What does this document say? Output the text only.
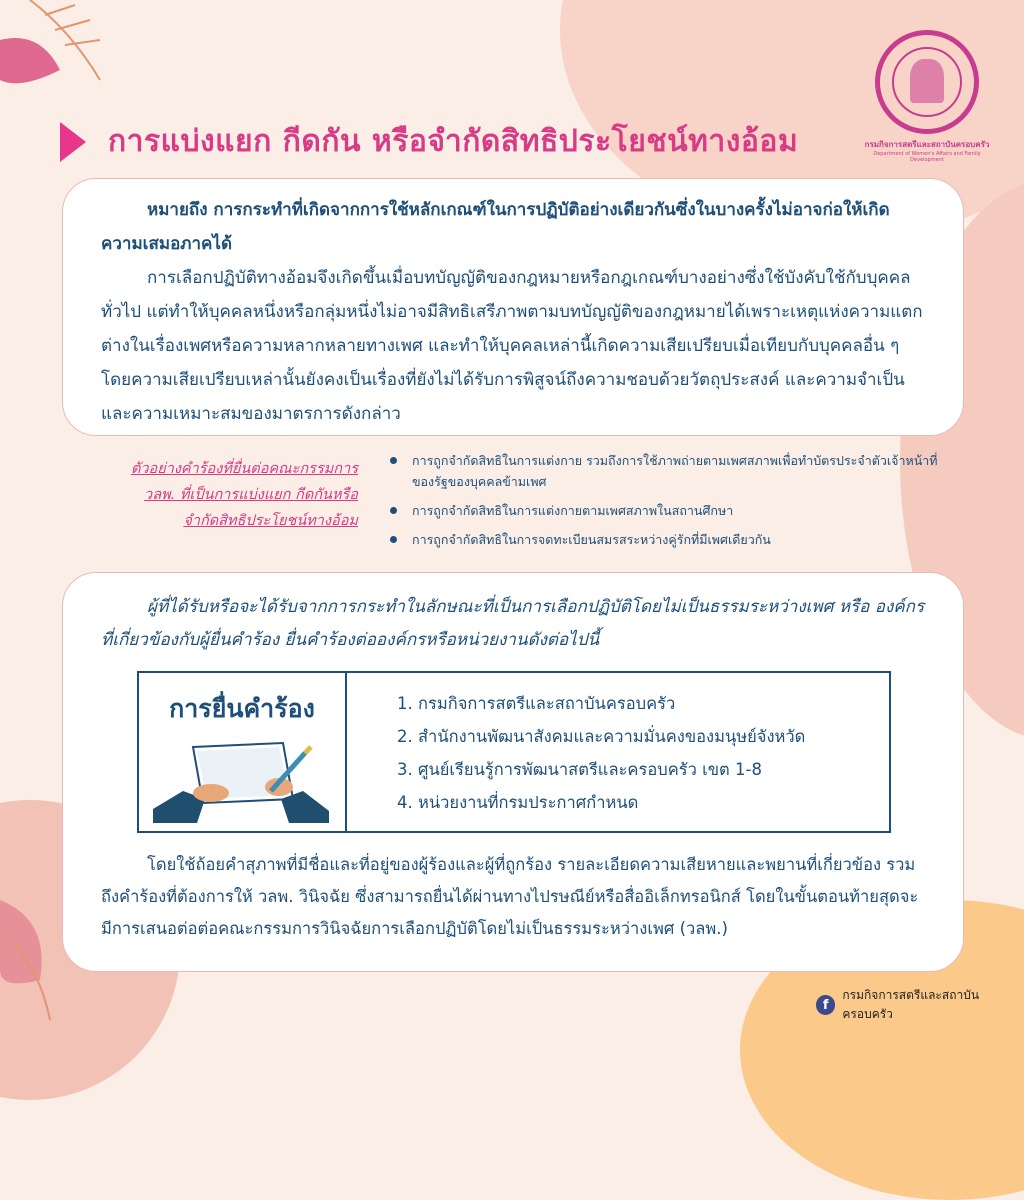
การแบ่งแยก กีดกัน หรือจำกัดสิทธิประโยชน์ทางอ้อม	กรมกิจการสตรีและสถาบันครอบครัว
Department of Women's Affairs and Family Development

หมายถึง การกระทำที่เกิดจากการใช้หลักเกณฑ์ในการปฏิบัติอย่างเดียวกันซึ่งในบางครั้งไม่อาจก่อให้เกิดความเสมอภาคได้

การเลือกปฏิบัติทางอ้อมจึงเกิดขึ้นเมื่อบทบัญญัติของกฎหมายหรือกฎเกณฑ์บางอย่างซึ่งใช้บังคับใช้กับบุคคลทั่วไป แต่ทำให้บุคคลหนึ่งหรือกลุ่มหนึ่งไม่อาจมีสิทธิเสรีภาพตามบทบัญญัติของกฎหมายได้เพราะเหตุแห่งความแตกต่างในเรื่องเพศหรือความหลากหลายทางเพศ และทำให้บุคคลเหล่านี้เกิดความเสียเปรียบเมื่อเทียบกับบุคคลอื่น ๆ โดยความเสียเปรียบเหล่านั้นยังคงเป็นเรื่องที่ยังไม่ได้รับการพิสูจน์ถึงความชอบด้วยวัตถุประสงค์ และความจำเป็นและความเหมาะสมของมาตรการดังกล่าว

ตัวอย่างคำร้องที่ยื่นต่อคณะกรรมการ
วลพ. ที่เป็นการแบ่งแยก กีดกันหรือ
จำกัดสิทธิประโยชน์ทางอ้อม
การถูกจำกัดสิทธิในการแต่งกาย รวมถึงการใช้ภาพถ่ายตามเพศสภาพเพื่อทำบัตรประจำตัวเจ้าหน้าที่ของรัฐของบุคคลข้ามเพศ
การถูกจำกัดสิทธิในการแต่งกายตามเพศสภาพในสถานศึกษา
การถูกจำกัดสิทธิในการจดทะเบียนสมรสระหว่างคู่รักที่มีเพศเดียวกัน

ผู้ที่ได้รับหรือจะได้รับจากการกระทำในลักษณะที่เป็นการเลือกปฏิบัติโดยไม่เป็นธรรมระหว่างเพศ หรือ องค์กรที่เกี่ยวข้องกับผู้ยื่นคำร้อง ยื่นคำร้องต่อองค์กรหรือหน่วยงานดังต่อไปนี้

การยื่นคำร้อง	1. กรมกิจการสตรีและสถาบันครอบครัว
2. สำนักงานพัฒนาสังคมและความมั่นคงของมนุษย์จังหวัด
3. ศูนย์เรียนรู้การพัฒนาสตรีและครอบครัว เขต 1-8
4. หน่วยงานที่กรมประกาศกำหนด

โดยใช้ถ้อยคำสุภาพที่มีชื่อและที่อยู่ของผู้ร้องและผู้ที่ถูกร้อง รายละเอียดความเสียหายและพยานที่เกี่ยวข้อง รวมถึงคำร้องที่ต้องการให้ วลพ. วินิจฉัย ซึ่งสามารถยื่นได้ผ่านทางไปรษณีย์หรือสื่ออิเล็กทรอนิกส์ โดยในขั้นตอนท้ายสุดจะมีการเสนอต่อต่อคณะกรรมการวินิจฉัยการเลือกปฏิบัติโดยไม่เป็นธรรมระหว่างเพศ (วลพ.)

f
กรมกิจการสตรีและสถาบันครอบครัว
